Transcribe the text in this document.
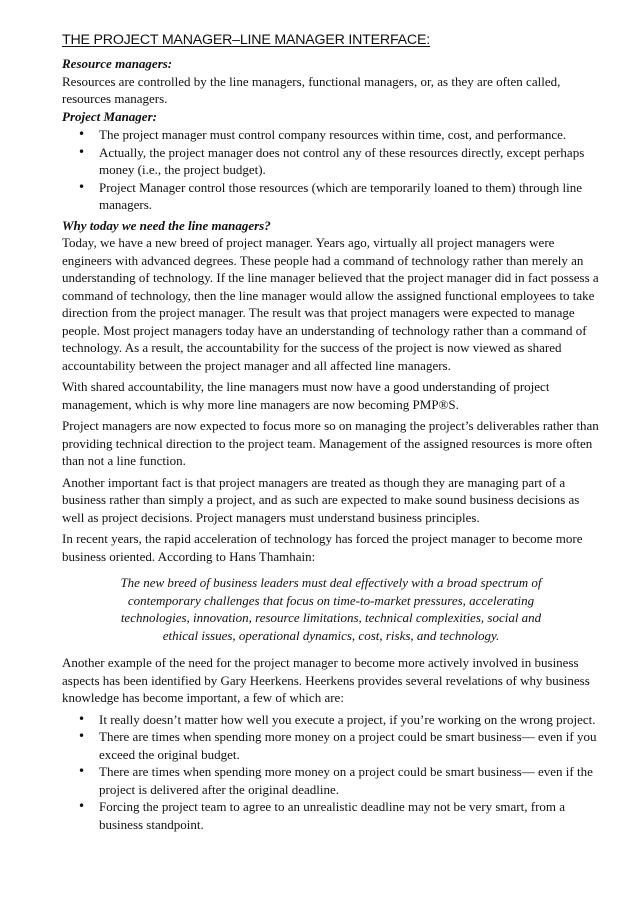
THE PROJECT MANAGER–LINE MANAGER INTERFACE:

Resource managers:

Resources are controlled by the line managers, functional managers, or, as they are often called, resources managers.

Project Manager:

• The project manager must control company resources within time, cost, and performance.
• Actually, the project manager does not control any of these resources directly, except perhaps money (i.e., the project budget).
• Project Manager control those resources (which are temporarily loaned to them) through line managers.

Why today we need the line managers?

Today, we have a new breed of project manager. Years ago, virtually all project managers were engineers with advanced degrees. These people had a command of technology rather than merely an understanding of technology. If the line manager believed that the project manager did in fact possess a command of technology, then the line manager would allow the assigned functional employees to take direction from the project manager. The result was that project managers were expected to manage people. Most project managers today have an understanding of technology rather than a command of technology. As a result, the accountability for the success of the project is now viewed as shared accountability between the project manager and all affected line managers.

With shared accountability, the line managers must now have a good understanding of project management, which is why more line managers are now becoming PMP®S.

Project managers are now expected to focus more so on managing the project’s deliverables rather than providing technical direction to the project team. Management of the assigned resources is more often than not a line function.

Another important fact is that project managers are treated as though they are managing part of a business rather than simply a project, and as such are expected to make sound business decisions as well as project decisions. Project managers must understand business principles.

In recent years, the rapid acceleration of technology has forced the project manager to become more business oriented. According to Hans Thamhain:

The new breed of business leaders must deal effectively with a broad spectrum of contemporary challenges that focus on time-to-market pressures, accelerating technologies, innovation, resource limitations, technical complexities, social and ethical issues, operational dynamics, cost, risks, and technology.

Another example of the need for the project manager to become more actively involved in business aspects has been identified by Gary Heerkens. Heerkens provides several revelations of why business knowledge has become important, a few of which are:

• It really doesn’t matter how well you execute a project, if you’re working on the wrong project.
• There are times when spending more money on a project could be smart business— even if you exceed the original budget.
• There are times when spending more money on a project could be smart business— even if the project is delivered after the original deadline.
• Forcing the project team to agree to an unrealistic deadline may not be very smart, from a business standpoint.
